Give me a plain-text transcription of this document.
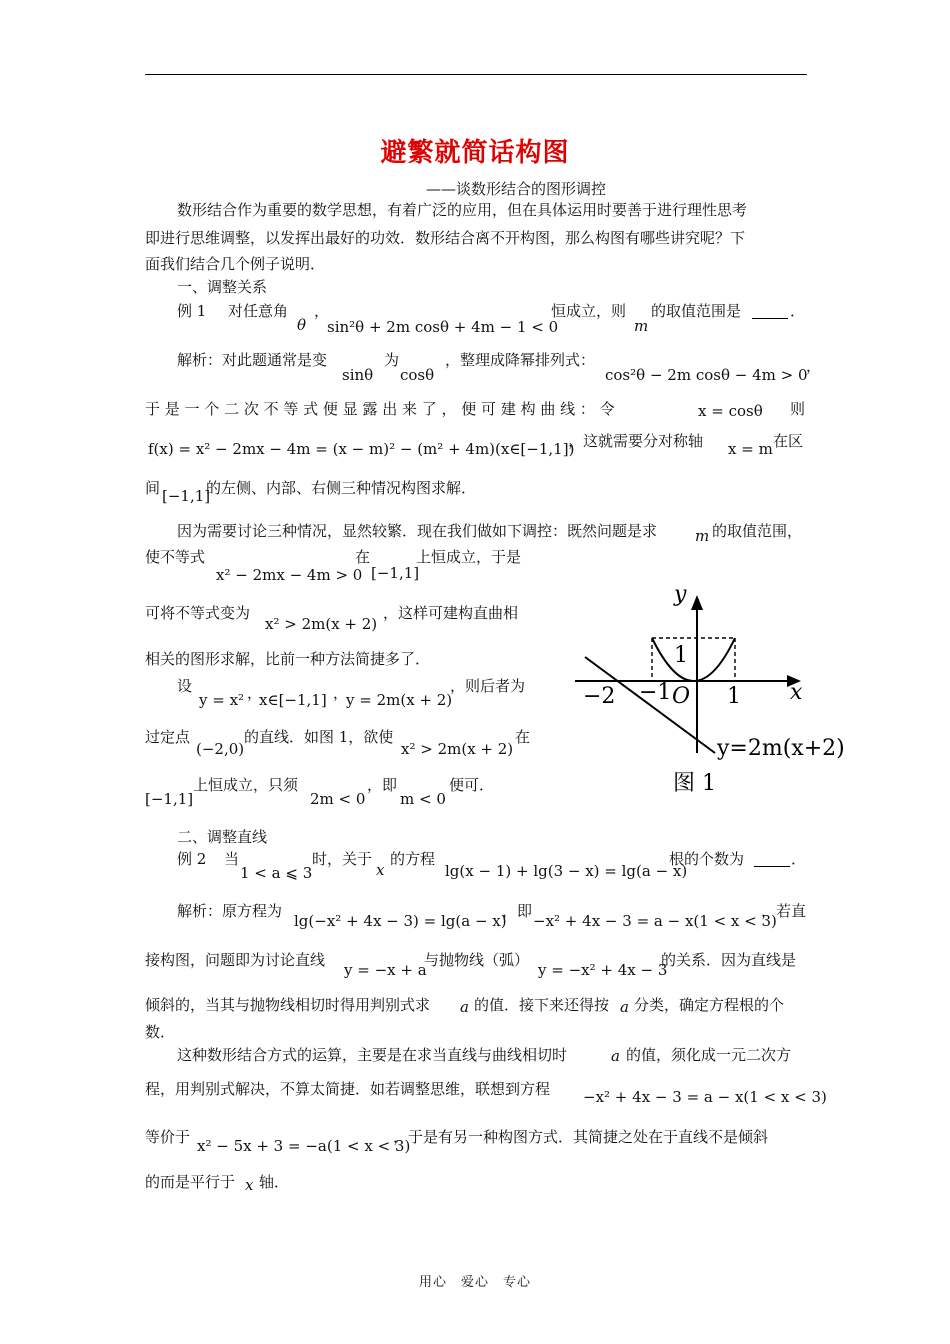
避繁就简话构图
——谈数形结合的图形调控
数形结合作为重要的数学思想，有着广泛的应用，但在具体运用时要善于进行理性思考
即进行思维调整，以发挥出最好的功效．数形结合离不开构图，那么构图有哪些讲究呢？下
面我们结合几个例子说明．
一、调整关系
例 1 对任意角
θ
，
sin²θ + 2m cosθ + 4m − 1 < 0
恒成立，则
m
的取值范围是	．
解析：对此题通常是变
sinθ
为
cosθ
，整理成降幂排列式：
cos²θ − 2m cosθ − 4m > 0
，
于 是 一 个 二 次 不 等 式 便 显 露 出 来 了 ， 便 可 建 构 曲 线 ： 令	x = cosθ 则
f(x) = x² − 2mx − 4m = (x − m)² − (m² + 4m)(x∈[−1,1])
，这就需要分对称轴 x = m 在区
间 [−1,1]
的左侧、内部、右侧三种情况构图求解．
因为需要讨论三种情况，显然较繁．现在我们做如下调控：既然问题是求	m 的取值范围，
使不等式
x² − 2mx − 4m > 0
在
[−1,1]
上恒成立，于是
可将不等式变为
x² > 2m(x + 2)
，这样可建构直曲相
相关的图形求解，比前一种方法简捷多了．
设
y = x² ，
x∈[−1,1] ，
y = 2m(x + 2)
，则后者为
过定点
(−2,0)
的直线．如图 1，欲使
x² > 2m(x + 2)
在
[−1,1]
上恒成立，只须
2m < 0
，即
m < 0
便可．
y
x
1
−2 −1 O 1
y=2m(x+2)
图 1
二、调整直线
例 2 当
1 < a ⩽ 3
时，关于
x
的方程
lg(x − 1) + lg(3 − x) = lg(a − x)
根的个数为	．
解析：原方程为
lg(−x² + 4x − 3) = lg(a − x)
，即
−x² + 4x − 3 = a − x(1 < x < 3)
，若直
接构图，问题即为讨论直线
y = −x + a
与抛物线（弧）
y = −x² + 4x − 3
的关系．因为直线是
倾斜的，当其与抛物线相切时得用判别式求 a 的值．接下来还得按 a 分类，确定方程根的个
数．
这种数形结合方式的运算，主要是在求当直线与曲线相切时	a 的值，须化成一元二次方
程，用判别式解决，不算太简捷．如若调整思维，联想到方程 −x² + 4x − 3 = a − x(1 < x < 3)
等价于 x² − 5x + 3 = −a(1 < x < 3)
，于是有另一种构图方式．其简捷之处在于直线不是倾斜
的而是平行于 x 轴．
用心　爱心　专心
